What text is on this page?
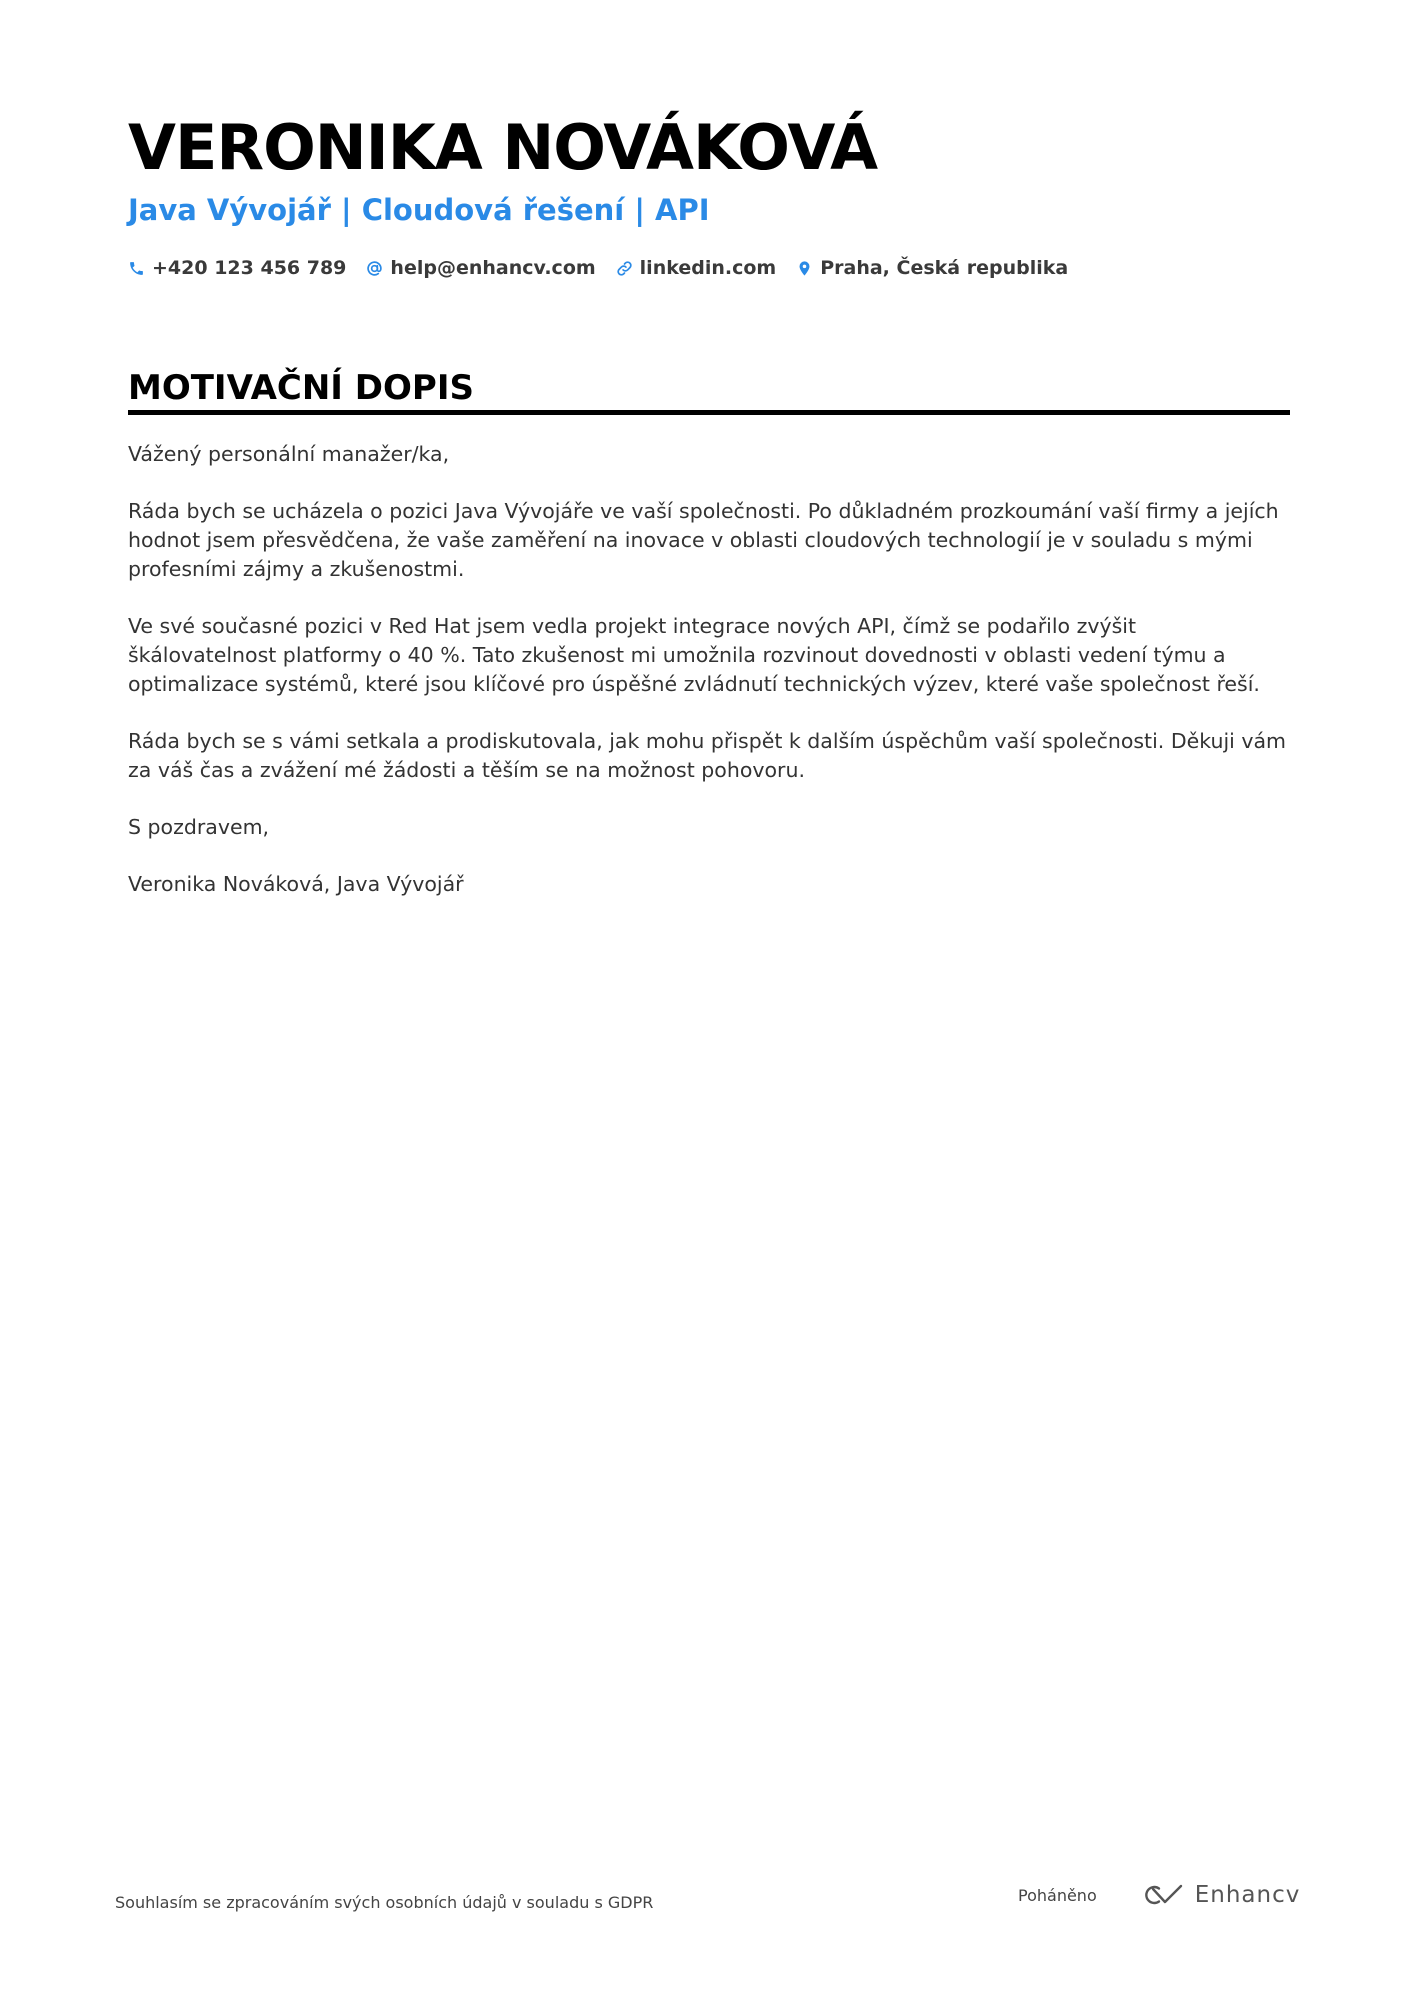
VERONIKA NOVÁKOVÁ
Java Vývojář | Cloudová řešení | API
+420 123 456 789 help@enhancv.com linkedin.com Praha, Česká republika
MOTIVAČNÍ DOPIS

Vážený personální manažer/ka,

Ráda bych se ucházela o pozici Java Vývojáře ve vaší společnosti. Po důkladném prozkoumání vaší firmy a jejích hodnot jsem přesvědčena, že vaše zaměření na inovace v oblasti cloudových technologií je v souladu s mými profesními zájmy a zkušenostmi.

Ve své současné pozici v Red Hat jsem vedla projekt integrace nových API, čímž se podařilo zvýšit škálovatelnost platformy o 40 %. Tato zkušenost mi umožnila rozvinout dovednosti v oblasti vedení týmu a optimalizace systémů, které jsou klíčové pro úspěšné zvládnutí technických výzev, které vaše společnost řeší.

Ráda bych se s vámi setkala a prodiskutovala, jak mohu přispět k dalším úspěchům vaší společnosti. Děkuji vám za váš čas a zvážení mé žádosti a těším se na možnost pohovoru.

S pozdravem,

Veronika Nováková, Java Vývojář

Souhlasím se zpracováním svých osobních údajů v souladu s GDPR	Poháněno	Enhancv
